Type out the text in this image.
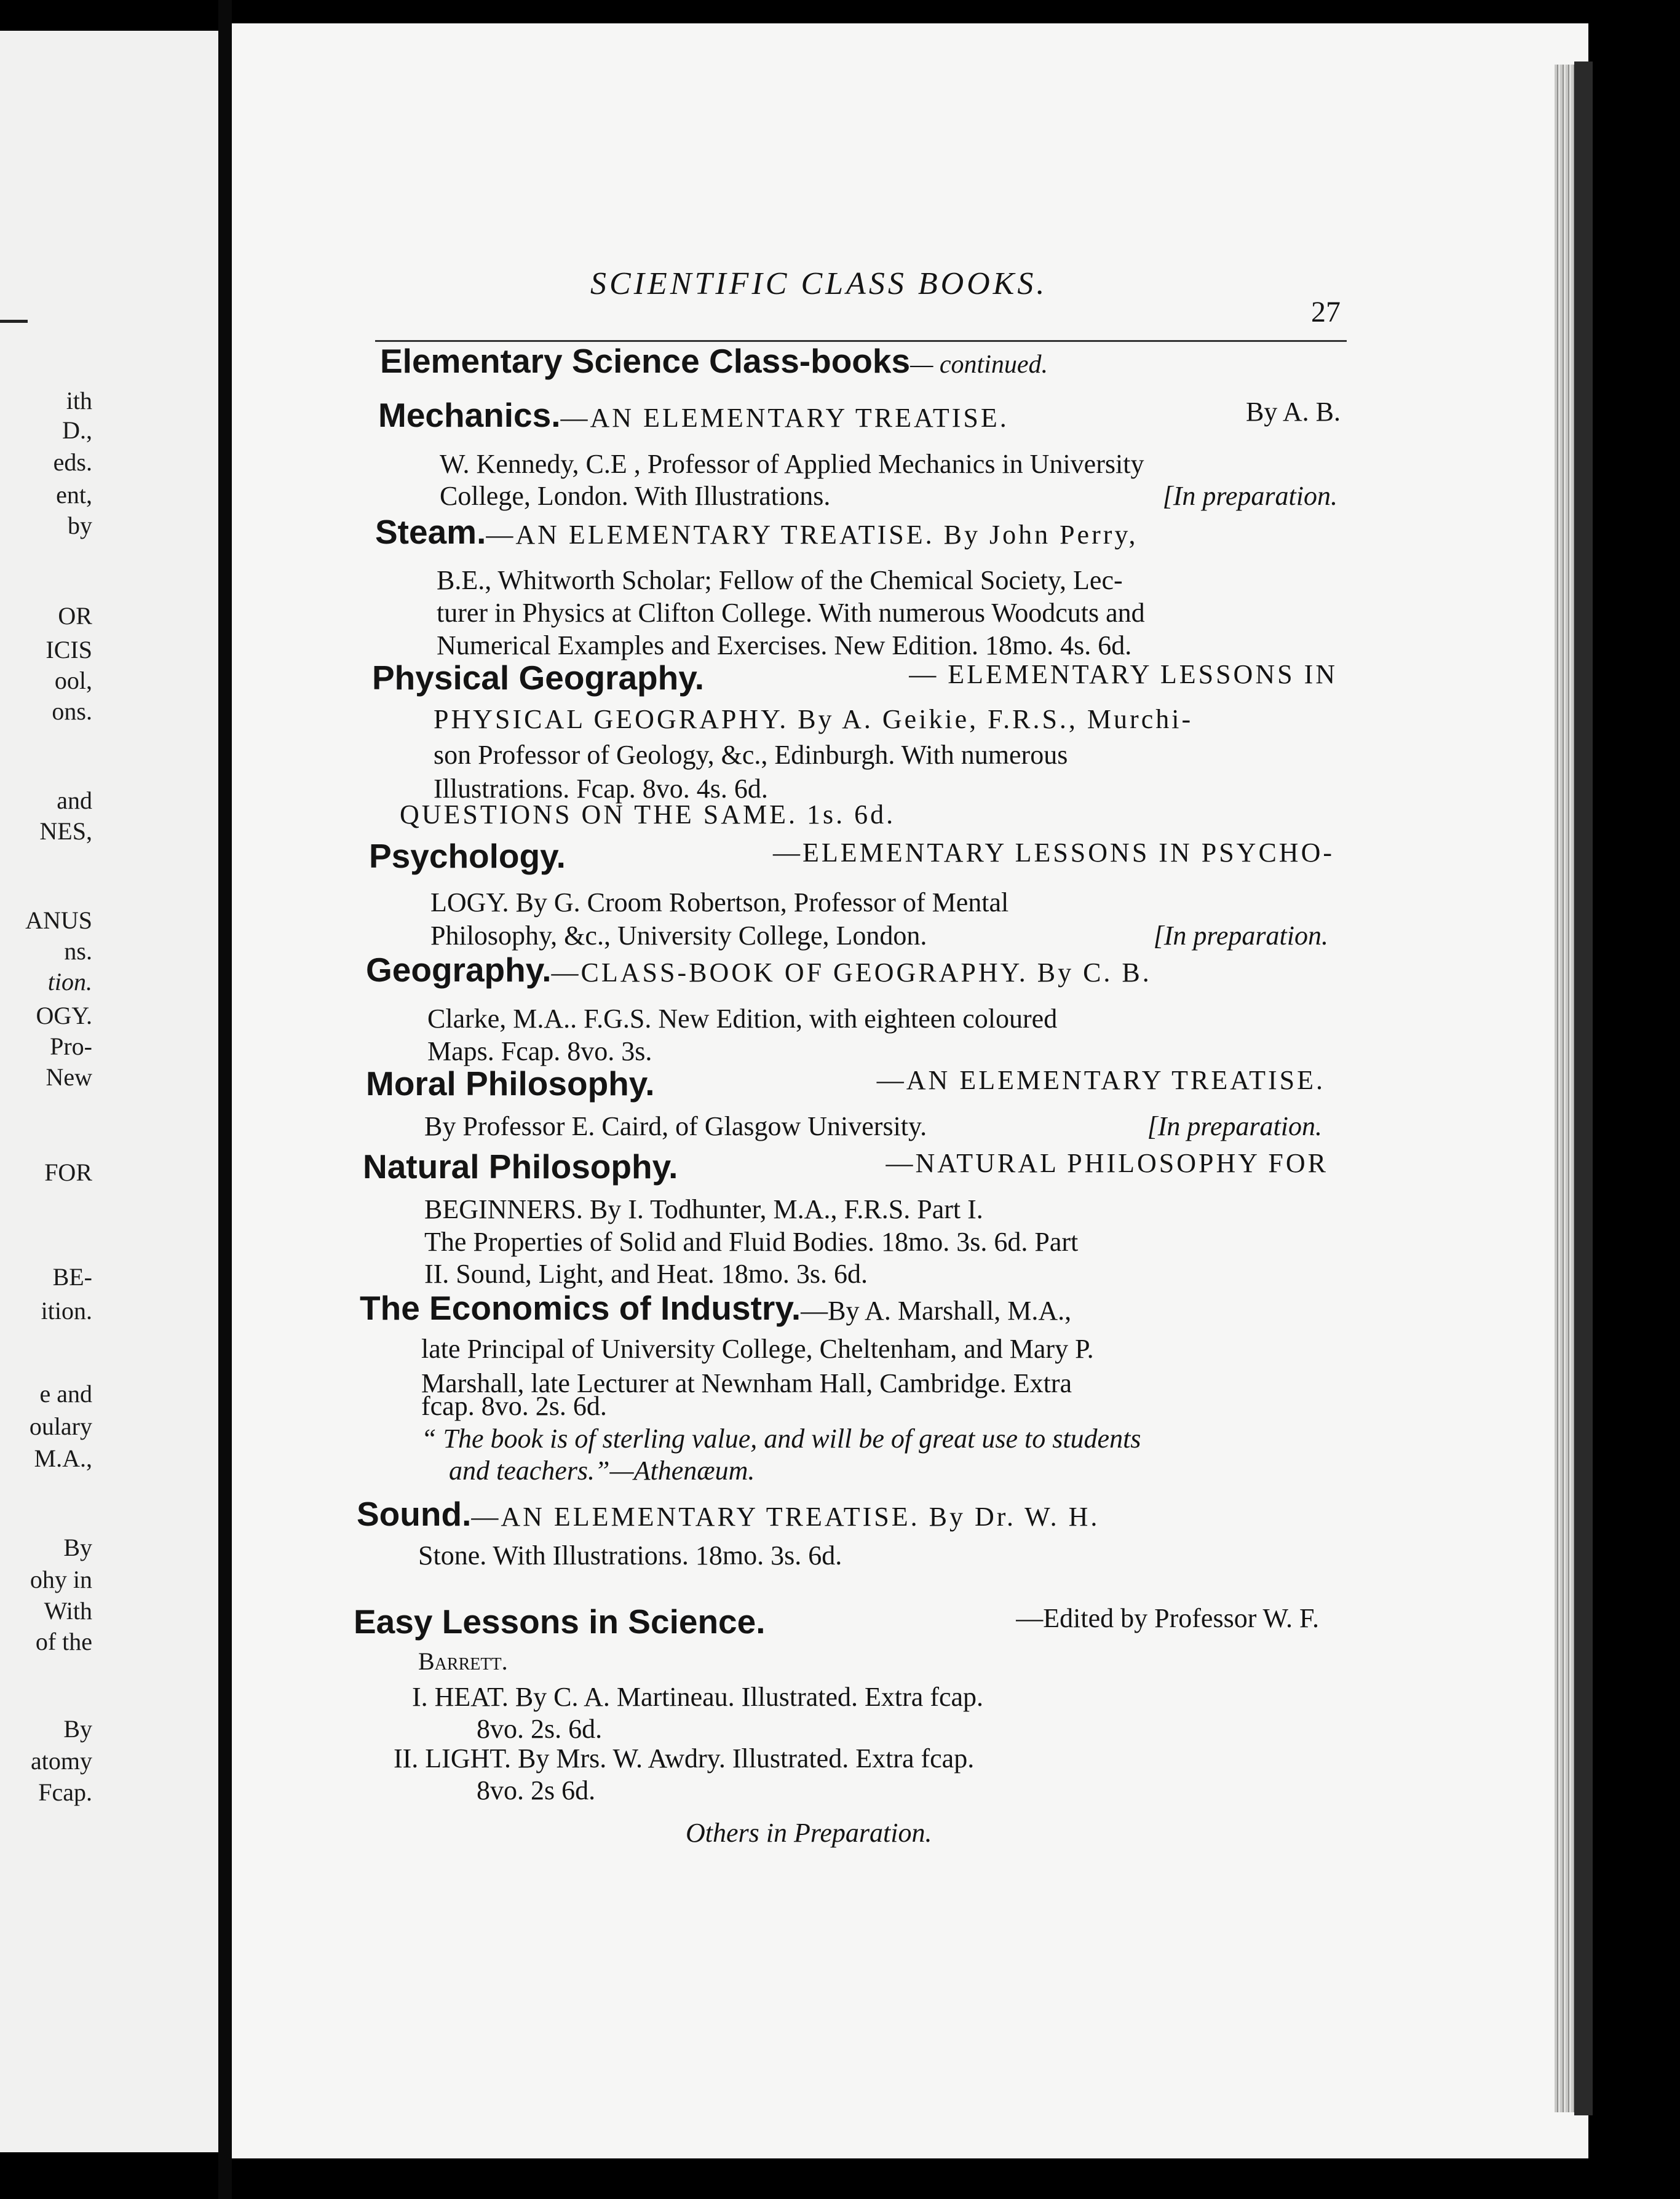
ith
D.,
eds.
ent,
by
OR
ICIS
ool,
ons.
and
NES,
ANUS
ns.
tion.
OGY.
Pro-
New
FOR
BE-
ition.
e and
oulary
M.A.,
By
ohy in
With
of the
By
atomy
Fcap.
SCIENTIFIC CLASS BOOKS.
27
Elementary Science Class-books— continued.
Mechanics.—AN ELEMENTARY TREATISE.	By A. B.
W. Kennedy, C.E , Professor of Applied Mechanics in University
College, London. With Illustrations.	[In preparation.
Steam.—AN ELEMENTARY TREATISE. By John Perry,
B.E., Whitworth Scholar; Fellow of the Chemical Society, Lec-
turer in Physics at Clifton College. With numerous Woodcuts and
Numerical Examples and Exercises. New Edition. 18mo. 4s. 6d.
Physical Geography.	— ELEMENTARY LESSONS IN
PHYSICAL GEOGRAPHY. By A. Geikie, F.R.S., Murchi-
son Professor of Geology, &c., Edinburgh. With numerous
Illustrations. Fcap. 8vo. 4s. 6d.
QUESTIONS ON THE SAME. 1s. 6d.
Psychology.	—ELEMENTARY LESSONS IN PSYCHO-
LOGY. By G. Croom Robertson, Professor of Mental
Philosophy, &c., University College, London.	[In preparation.
Geography.—CLASS-BOOK OF GEOGRAPHY. By C. B.
Clarke, M.A.. F.G.S. New Edition, with eighteen coloured
Maps. Fcap. 8vo. 3s.
Moral Philosophy.	—AN ELEMENTARY TREATISE.
By Professor E. Caird, of Glasgow University.	[In preparation.
Natural Philosophy.	—NATURAL PHILOSOPHY FOR
BEGINNERS. By I. Todhunter, M.A., F.R.S. Part I.
The Properties of Solid and Fluid Bodies. 18mo. 3s. 6d. Part
II. Sound, Light, and Heat. 18mo. 3s. 6d.
The Economics of Industry.—By A. Marshall, M.A.,
late Principal of University College, Cheltenham, and Mary P.
Marshall, late Lecturer at Newnham Hall, Cambridge. Extra
fcap. 8vo. 2s. 6d.
“ The book is of sterling value, and will be of great use to students
and teachers.”—Athenæum.
Sound.—AN ELEMENTARY TREATISE. By Dr. W. H.
Stone. With Illustrations. 18mo. 3s. 6d.
Easy Lessons in Science.	—Edited by Professor W. F.
Barrett.
I. HEAT. By C. A. Martineau. Illustrated. Extra fcap.
8vo. 2s. 6d.
II. LIGHT. By Mrs. W. Awdry. Illustrated. Extra fcap.
8vo. 2s 6d.
Others in Preparation.
